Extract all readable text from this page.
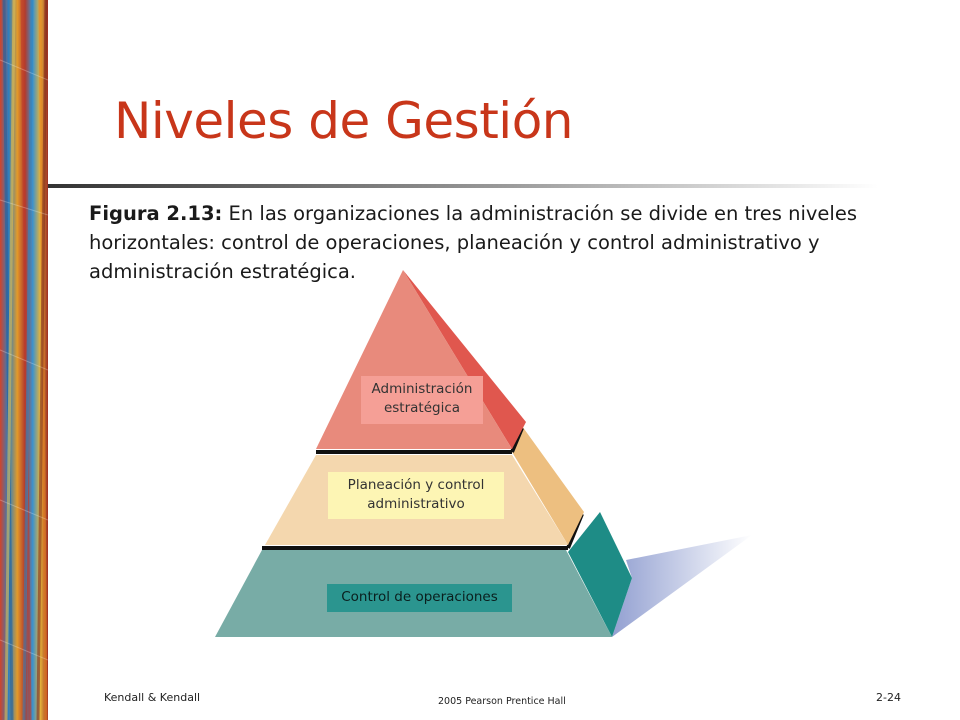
Niveles de Gestión
Figura 2.13: En las organizaciones la administración se divide en tres niveles horizontales: control de operaciones, planeación y control administrativo y administración estratégica.
Administración
estratégica
Planeación y control
administrativo
Control de operaciones
Kendall & Kendall	2005 Pearson Prentice Hall	2-24
